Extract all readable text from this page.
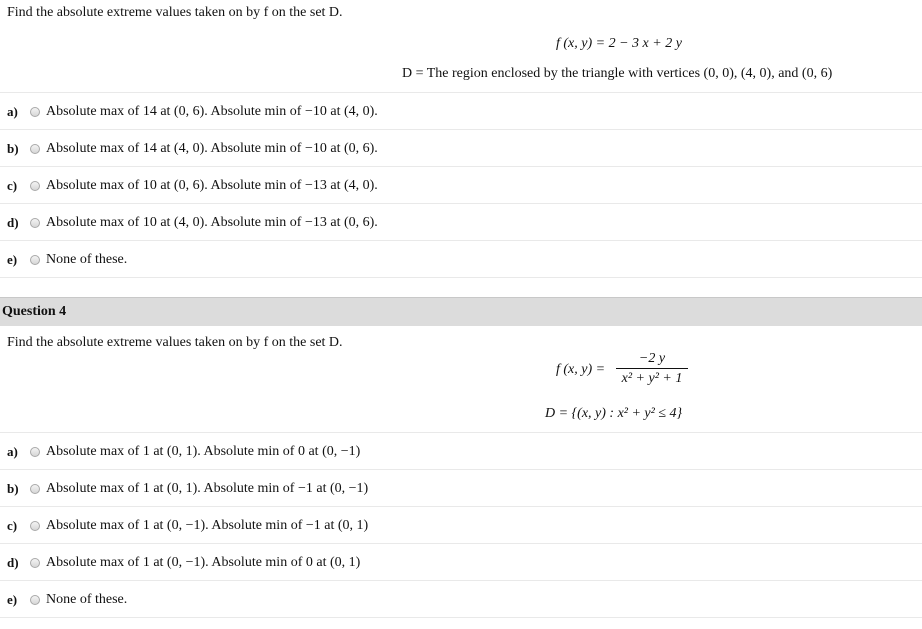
Find the absolute extreme values taken on by f on the set D.
f (x, y) = 2 − 3 x + 2 y
D = The region enclosed by the triangle with vertices (0, 0), (4, 0), and (0, 6)
a)	Absolute max of 14 at (0, 6). Absolute min of −10 at (4, 0).
b)	Absolute max of 14 at (4, 0). Absolute min of −10 at (0, 6).
c)	Absolute max of 10 at (0, 6). Absolute min of −13 at (4, 0).
d)	Absolute max of 10 at (4, 0). Absolute min of −13 at (0, 6).
e)	None of these.
Question 4
Find the absolute extreme values taken on by f on the set D.
f (x, y) =
−2 y
x² + y² + 1
D = {(x, y) : x² + y² ≤ 4}
a)	Absolute max of 1 at (0, 1). Absolute min of 0 at (0, −1)
b)	Absolute max of 1 at (0, 1). Absolute min of −1 at (0, −1)
c)	Absolute max of 1 at (0, −1). Absolute min of −1 at (0, 1)
d)	Absolute max of 1 at (0, −1). Absolute min of 0 at (0, 1)
e)	None of these.
